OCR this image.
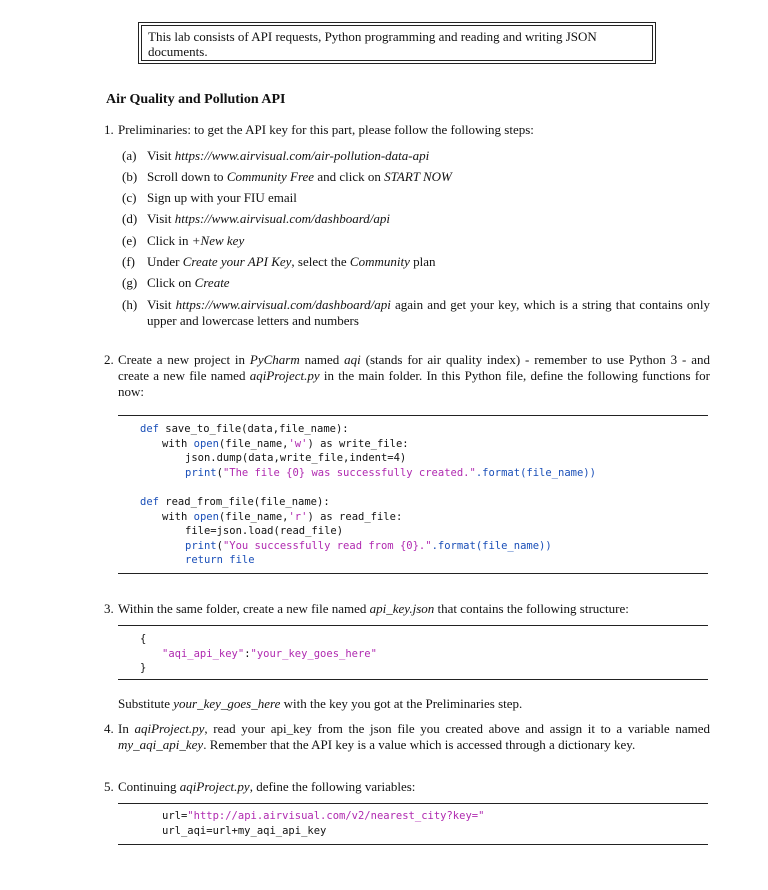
This lab consists of API requests, Python programming and reading and writing JSON documents.
Air Quality and Pollution API
1. Preliminaries: to get the API key for this part, please follow the following steps:
(a) Visit https://www.airvisual.com/air-pollution-data-api
(b) Scroll down to Community Free and click on START NOW
(c) Sign up with your FIU email
(d) Visit https://www.airvisual.com/dashboard/api
(e) Click in +New key
(f) Under Create your API Key, select the Community plan
(g) Click on Create
(h) Visit https://www.airvisual.com/dashboard/api again and get your key, which is a string that contains only upper and lowercase letters and numbers
2. Create a new project in PyCharm named aqi (stands for air quality index) - remember to use Python 3 - and create a new file named aqiProject.py in the main folder. In this Python file, define the following functions for now:
def save_to_file(data,file_name):
with open(file_name,'w') as write_file:
json.dump(data,write_file,indent=4)
print("The file {0} was successfully created.".format(file_name))
def read_from_file(file_name):
with open(file_name,'r') as read_file:
file=json.load(read_file)
print("You successfully read from {0}.".format(file_name))
return file
3. Within the same folder, create a new file named api_key.json that contains the following structure:
{
"aqi_api_key":"your_key_goes_here"
}
Substitute your_key_goes_here with the key you got at the Preliminaries step.
4. In aqiProject.py, read your api_key from the json file you created above and assign it to a variable named my_aqi_api_key. Remember that the API key is a value which is accessed through a dictionary key.
5. Continuing aqiProject.py, define the following variables:
url="http://api.airvisual.com/v2/nearest_city?key="
url_aqi=url+my_aqi_api_key
